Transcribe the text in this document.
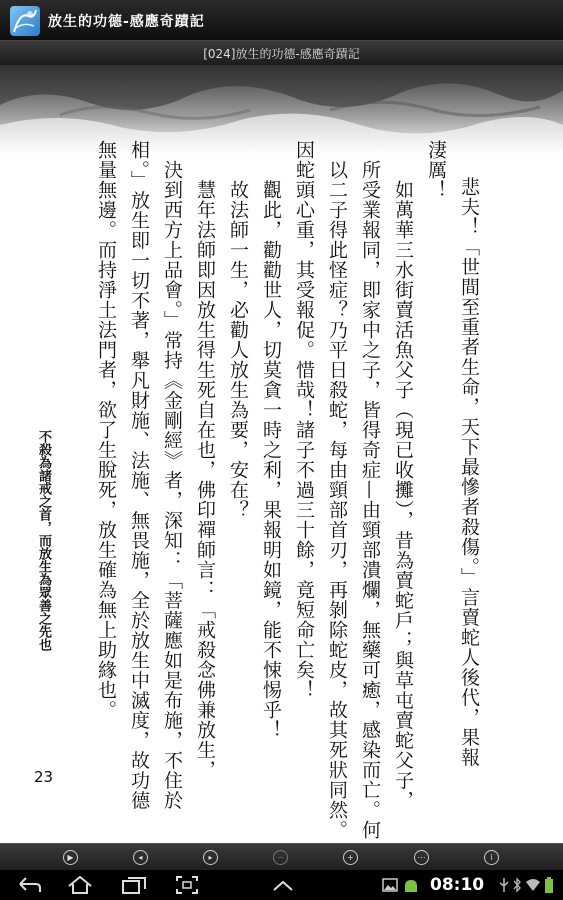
放生的功德-感應奇蹟記
[024]放生的功德-感應奇蹟記
悲夫！「世間至重者生命，天下最慘者殺傷。」言賣蛇人後代，果報
淒厲！
　如萬華三水街賣活魚父子（現已收攤），昔為賣蛇戶；與草屯賣蛇父子，
所受業報同，即家中之子，皆得奇症—由頸部潰爛，無藥可癒，感染而亡。何
以二子得此怪症？乃平日殺蛇，每由頸部首刃，再剝除蛇皮，故其死狀同然。
因蛇頭心重，其受報促。惜哉！諸子不過三十餘，竟短命亡矣！
　觀此，勸勸世人，切莫貪一時之利，果報明如鏡，能不悚惕乎！
　故法師一生，必勸人放生為要，安在？
　慧年法師即因放生得生死自在也，佛印禪師言：「戒殺念佛兼放生，
決到西方上品會。」常持《金剛經》者，深知：「菩薩應如是布施，不住於
相。」放生即一切不著，舉凡財施、法施、無畏施，全於放生中滅度，故功德
無量無邊。而持淨土法門者，欲了生脫死，放生確為無上助緣也。
不殺為諸戒之首，而放生為眾善之先也
23
▶	◂	▸	−	+	⋯	i
08:10
